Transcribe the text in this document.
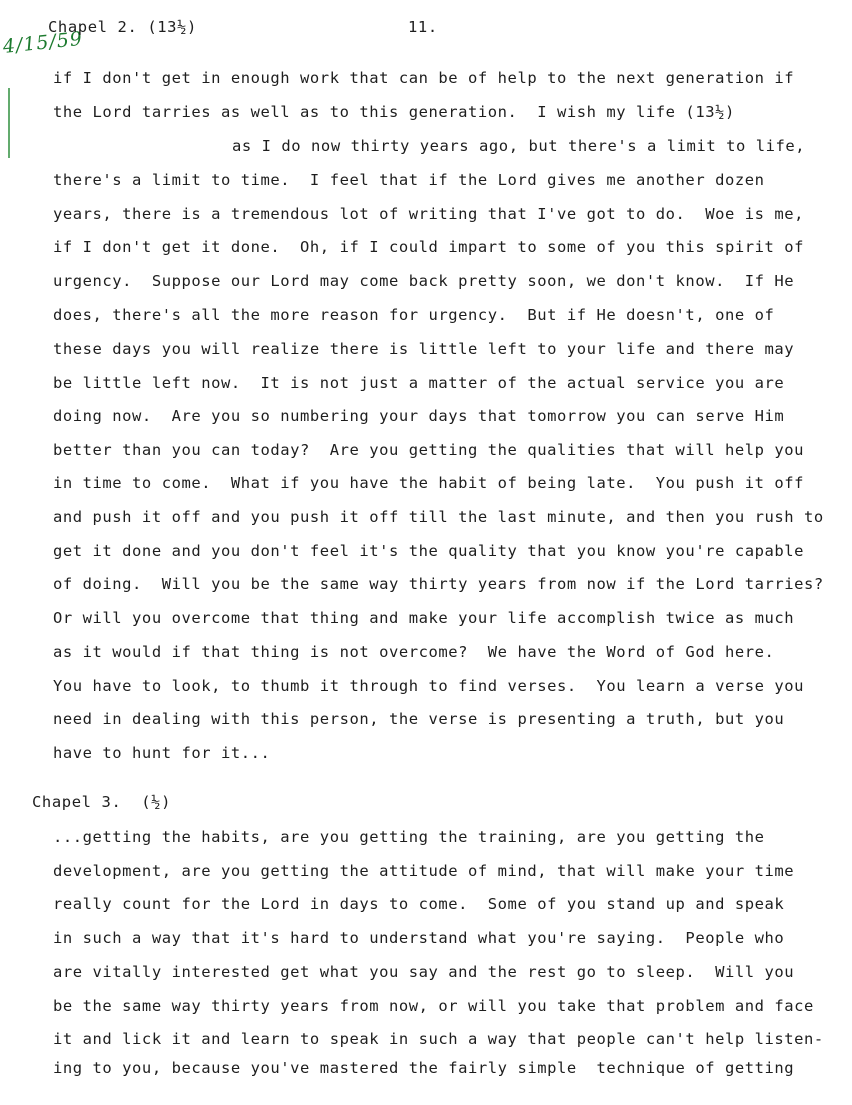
4/15/59
Chapel 2. (13½)	11.
if I don't get in enough work that can be of help to the next generation if
the Lord tarries as well as to this generation.  I wish my life (13½)
as I do now thirty years ago, but there's a limit to life,
there's a limit to time.  I feel that if the Lord gives me another dozen
years, there is a tremendous lot of writing that I've got to do.  Woe is me,
if I don't get it done.  Oh, if I could impart to some of you this spirit of
urgency.  Suppose our Lord may come back pretty soon, we don't know.  If He
does, there's all the more reason for urgency.  But if He doesn't, one of
these days you will realize there is little left to your life and there may
be little left now.  It is not just a matter of the actual service you are
doing now.  Are you so numbering your days that tomorrow you can serve Him
better than you can today?  Are you getting the qualities that will help you
in time to come.  What if you have the habit of being late.  You push it off
and push it off and you push it off till the last minute, and then you rush to
get it done and you don't feel it's the quality that you know you're capable
of doing.  Will you be the same way thirty years from now if the Lord tarries?
Or will you overcome that thing and make your life accomplish twice as much
as it would if that thing is not overcome?  We have the Word of God here.
You have to look, to thumb it through to find verses.  You learn a verse you
need in dealing with this person, the verse is presenting a truth, but you
have to hunt for it...
Chapel 3.  (½)
...getting the habits, are you getting the training, are you getting the
development, are you getting the attitude of mind, that will make your time
really count for the Lord in days to come.  Some of you stand up and speak
in such a way that it's hard to understand what you're saying.  People who
are vitally interested get what you say and the rest go to sleep.  Will you
be the same way thirty years from now, or will you take that problem and face
it and lick it and learn to speak in such a way that people can't help listen-
ing to you, because you've mastered the fairly simple  technique of getting
